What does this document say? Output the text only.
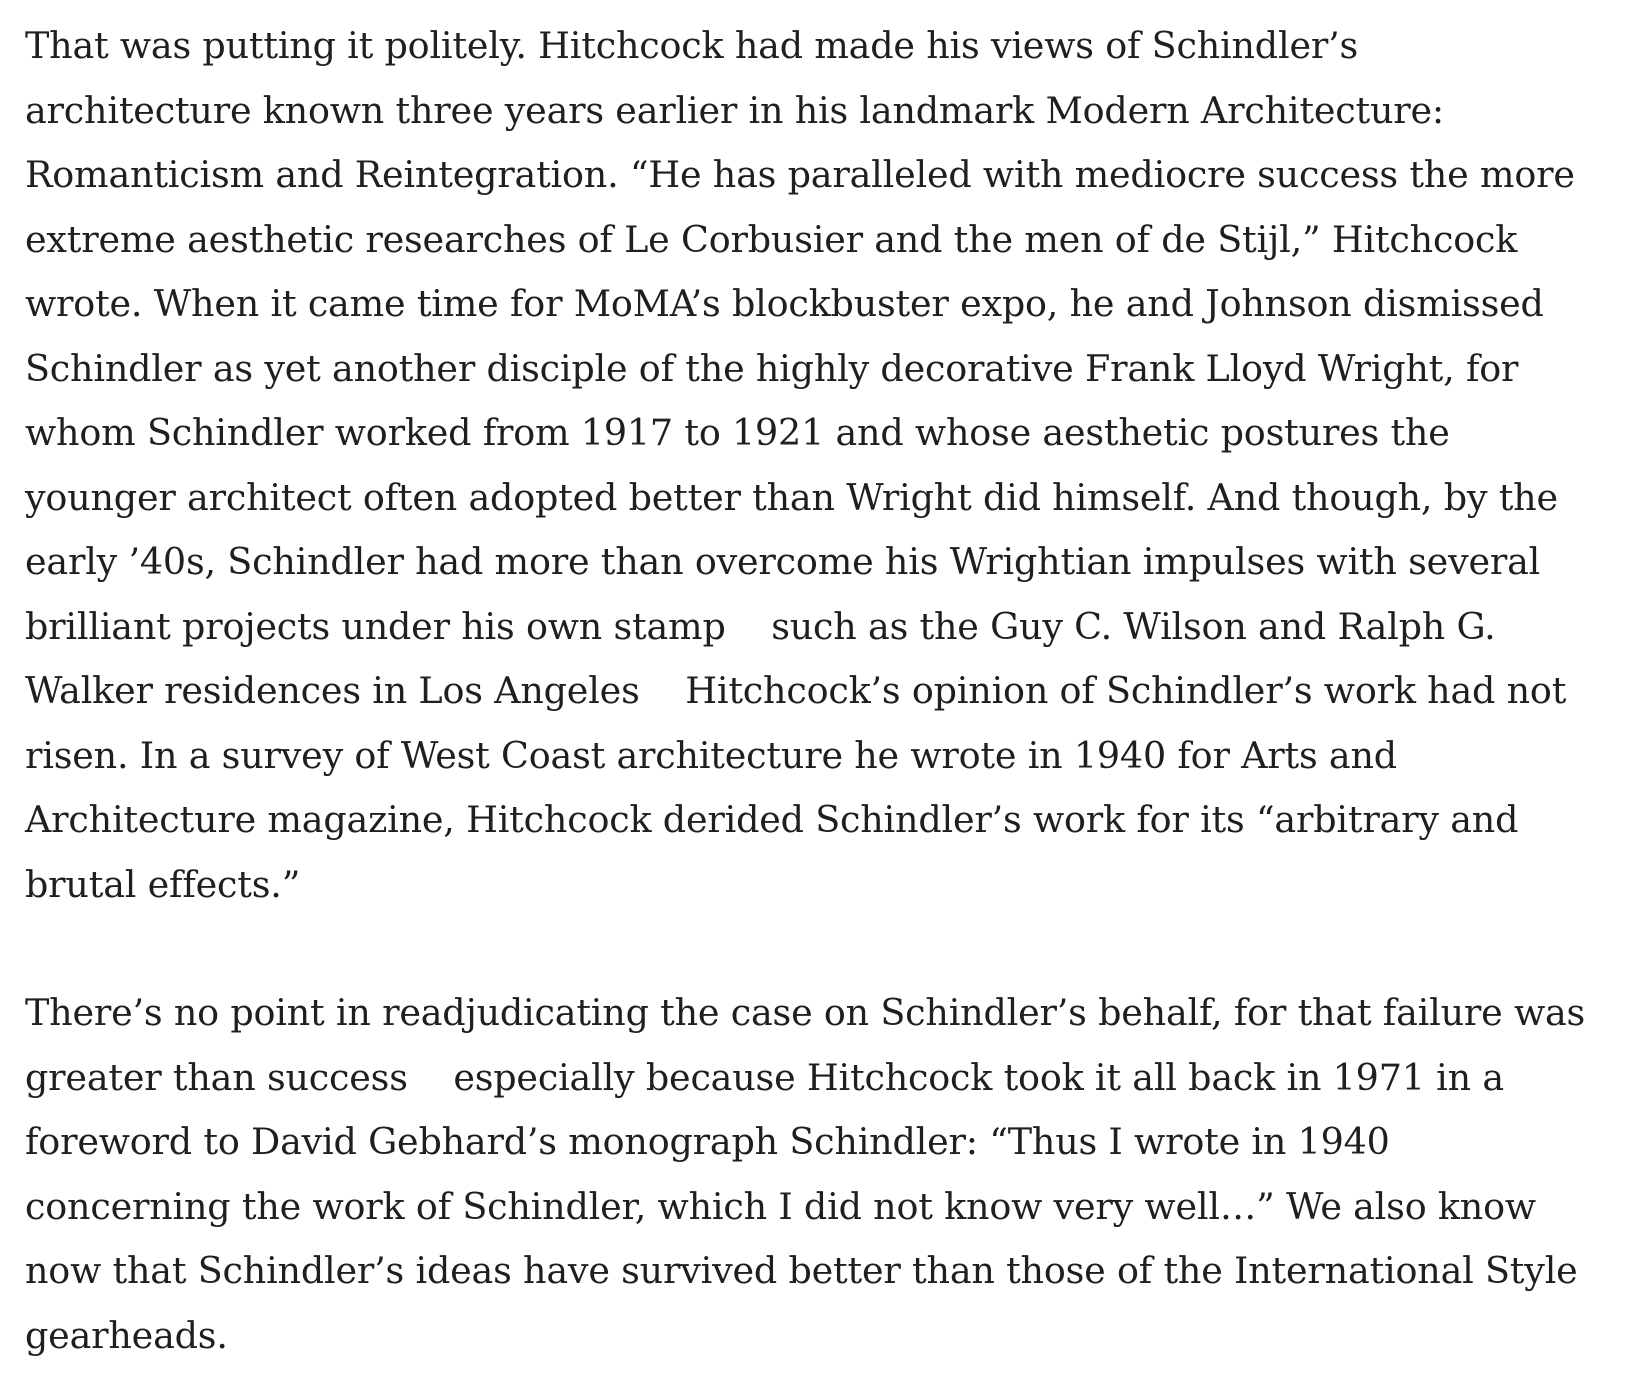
That was putting it politely. Hitchcock had made his views of Schindler’s
architecture known three years earlier in his landmark Modern Architecture:
Romanticism and Reintegration. “He has paralleled with mediocre success the more
extreme aesthetic researches of Le Corbusier and the men of de Stijl,” Hitchcock
wrote. When it came time for MoMA’s blockbuster expo, he and Johnson dismissed
Schindler as yet another disciple of the highly decorative Frank Lloyd Wright, for
whom Schindler worked from 1917 to 1921 and whose aesthetic postures the
younger architect often adopted better than Wright did himself. And though, by the
early ’40s, Schindler had more than overcome his Wrightian impulses with several
brilliant projects under his own stamp    such as the Guy C. Wilson and Ralph G.
Walker residences in Los Angeles    Hitchcock’s opinion of Schindler’s work had not
risen. In a survey of West Coast architecture he wrote in 1940 for Arts and
Architecture magazine, Hitchcock derided Schindler’s work for its “arbitrary and
brutal effects.”

There’s no point in readjudicating the case on Schindler’s behalf, for that failure was
greater than success    especially because Hitchcock took it all back in 1971 in a
foreword to David Gebhard’s monograph Schindler: “Thus I wrote in 1940
concerning the work of Schindler, which I did not know very well…” We also know
now that Schindler’s ideas have survived better than those of the International Style
gearheads.
